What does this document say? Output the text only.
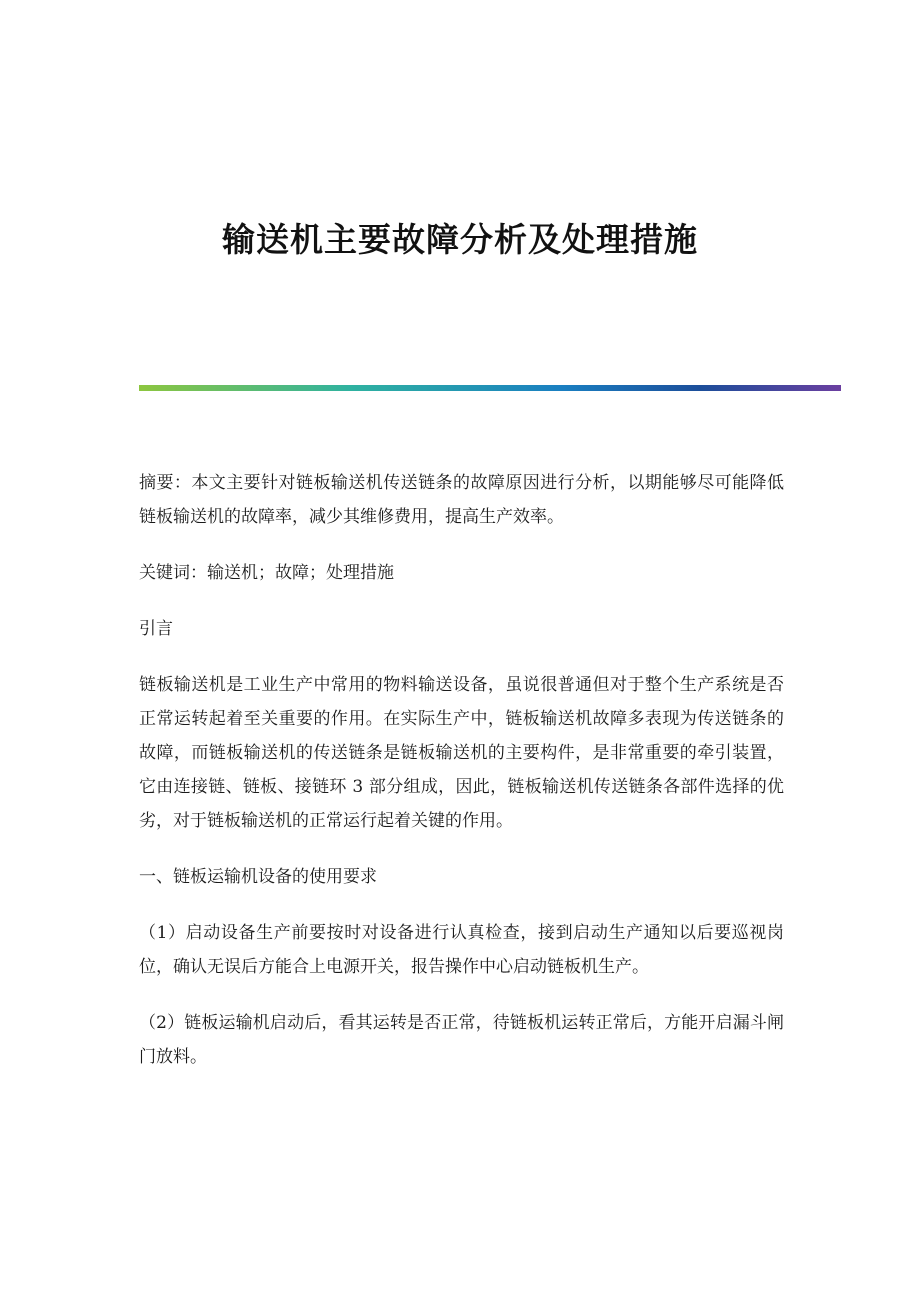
输送机主要故障分析及处理措施

摘要：本文主要针对链板输送机传送链条的故障原因进行分析，以期能够尽可能降低链板输送机的故障率，减少其维修费用，提高生产效率。

关键词：输送机；故障；处理措施

引言

链板输送机是工业生产中常用的物料输送设备，虽说很普通但对于整个生产系统是否正常运转起着至关重要的作用。在实际生产中，链板输送机故障多表现为传送链条的故障，而链板输送机的传送链条是链板输送机的主要构件，是非常重要的牵引装置，它由连接链、链板、接链环 3 部分组成，因此，链板输送机传送链条各部件选择的优劣，对于链板输送机的正常运行起着关键的作用。

一、链板运输机设备的使用要求

（1）启动设备生产前要按时对设备进行认真检查，接到启动生产通知以后要巡视岗位，确认无误后方能合上电源开关，报告操作中心启动链板机生产。

（2）链板运输机启动后，看其运转是否正常，待链板机运转正常后，方能开启漏斗闸门放料。
